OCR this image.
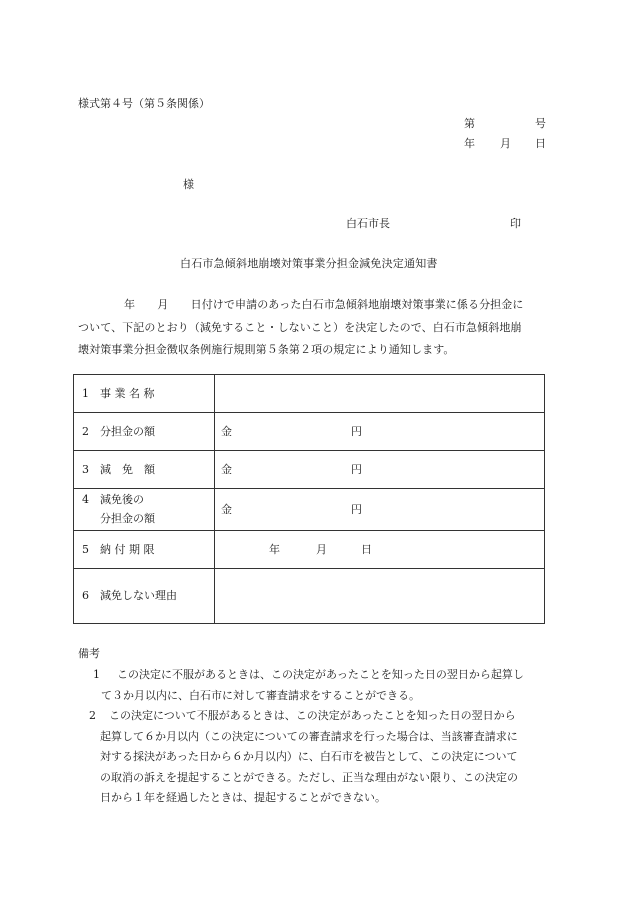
様式第４号（第５条関係）
第	号
年 月 日
様
白石市長	印
白石市急傾斜地崩壊対策事業分担金減免決定通知書
年　　月　　日付けで申請のあった白石市急傾斜地崩壊対策事業に係る分担金に
ついて、下記のとおり（減免すること・しないこと）を決定したので、白石市急傾斜地崩
壊対策事業分担金徴収条例施行規則第５条第２項の規定により通知します。
1 事 業 名 称
2 分担金の額	金	円
3 減　免　額	金	円
4 減免後の
分担金の額
金	円
5 納 付 期 限	年	月	日
6 減免しない理由
備考
1	この決定に不服があるときは、この決定があったことを知った日の翌日から起算し
て３か月以内に、白石市に対して審査請求をすることができる。
2	この決定について不服があるときは、この決定があったことを知った日の翌日から
起算して６か月以内（この決定についての審査請求を行った場合は、当該審査請求に
対する採決があった日から６か月以内）に、白石市を被告として、この決定について
の取消の訴えを提起することができる。ただし、正当な理由がない限り、この決定の
日から１年を経過したときは、提起することができない。
